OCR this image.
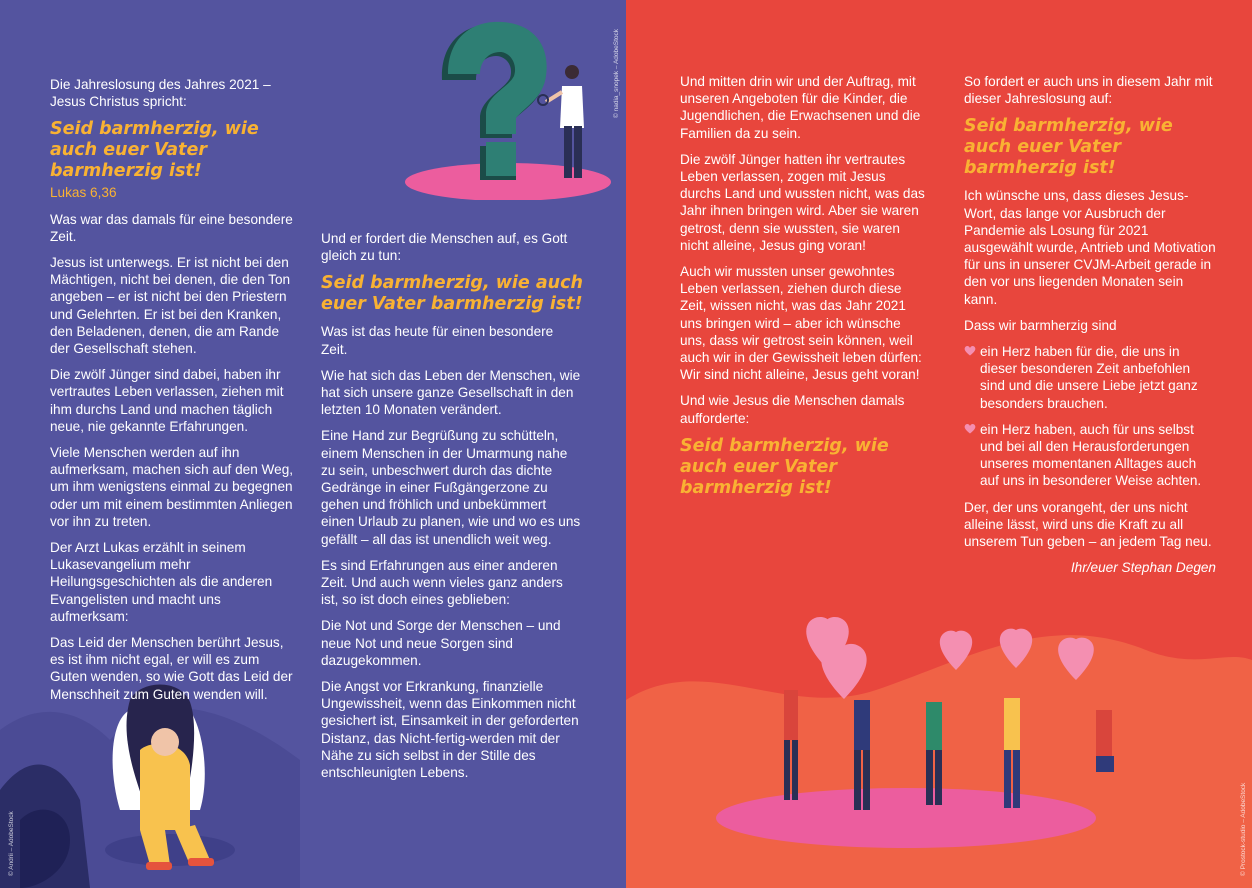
© nadia_snopek – AdobeStock
© Andrii – AdobeStock

Die Jahreslosung des Jahres 2021 – Jesus Christus spricht:

Seid barmherzig, wie auch euer Vater barmherzig ist!
Lukas 6,36

Was war das damals für eine besondere Zeit.

Jesus ist unterwegs. Er ist nicht bei den Mächtigen, nicht bei denen, die den Ton angeben – er ist nicht bei den Priestern und Gelehrten. Er ist bei den Kranken, den Beladenen, denen, die am Rande der Gesellschaft stehen.

Die zwölf Jünger sind dabei, haben ihr vertrautes Leben verlassen, ziehen mit ihm durchs Land und machen täglich neue, nie gekannte Erfahrungen.

Viele Menschen werden auf ihn aufmerksam, machen sich auf den Weg, um ihm wenigstens einmal zu begegnen oder um mit einem bestimmten Anliegen vor ihn zu treten.

Der Arzt Lukas erzählt in seinem Lukasevangelium mehr Heilungsgeschichten als die anderen Evangelisten und macht uns aufmerksam:

Das Leid der Menschen berührt Jesus, es ist ihm nicht egal, er will es zum Guten wenden, so wie Gott das Leid der Menschheit zum Guten wenden will.

Und er fordert die Menschen auf, es Gott gleich zu tun:

Seid barmherzig, wie auch euer Vater barmherzig ist!

Was ist das heute für einen besondere Zeit.

Wie hat sich das Leben der Menschen, wie hat sich unsere ganze Gesellschaft in den letzten 10 Monaten verändert.

Eine Hand zur Begrüßung zu schütteln, einem Menschen in der Umarmung nahe zu sein, unbeschwert durch das dichte Gedränge in einer Fußgängerzone zu gehen und fröhlich und unbekümmert einen Urlaub zu planen, wie und wo es uns gefällt – all das ist unendlich weit weg.

Es sind Erfahrungen aus einer anderen Zeit. Und auch wenn vieles ganz anders ist, so ist doch eines geblieben:

Die Not und Sorge der Menschen – und neue Not und neue Sorgen sind dazugekommen.

Die Angst vor Erkrankung, finanzielle Ungewissheit, wenn das Einkommen nicht gesichert ist, Einsamkeit in der geforderten Distanz, das Nicht-fertig-werden mit der Nähe zu sich selbst in der Stille des entschleunigten Lebens.

© Prostock-studio – AdobeStock

Und mitten drin wir und der Auftrag, mit unseren Angeboten für die Kinder, die Jugendlichen, die Erwachsenen und die Familien da zu sein.

Die zwölf Jünger hatten ihr vertrautes Leben verlassen, zogen mit Jesus durchs Land und wussten nicht, was das Jahr ihnen bringen wird. Aber sie waren getrost, denn sie wussten, sie waren nicht alleine, Jesus ging voran!

Auch wir mussten unser gewohntes Leben verlassen, ziehen durch diese Zeit, wissen nicht, was das Jahr 2021 uns bringen wird – aber ich wünsche uns, dass wir getrost sein können, weil auch wir in der Gewissheit leben dürfen: Wir sind nicht alleine, Jesus geht voran!

Und wie Jesus die Menschen damals aufforderte:

Seid barmherzig, wie auch euer Vater barmherzig ist!

So fordert er auch uns in diesem Jahr mit dieser Jahreslosung auf:

Seid barmherzig, wie auch euer Vater barmherzig ist!

Ich wünsche uns, dass dieses Jesus-Wort, das lange vor Ausbruch der Pandemie als Losung für 2021 ausgewählt wurde, Antrieb und Motivation für uns in unserer CVJM-Arbeit gerade in den vor uns liegenden Monaten sein kann.

Dass wir barmherzig sind

ein Herz haben für die, die uns in dieser besonderen Zeit anbefohlen sind und die unsere Liebe jetzt ganz besonders brauchen.
ein Herz haben, auch für uns selbst und bei all den Herausforderungen unseres momentanen Alltages auch auf uns in besonderer Weise achten.

Der, der uns vorangeht, der uns nicht alleine lässt, wird uns die Kraft zu all unserem Tun geben – an jedem Tag neu.

Ihr/euer Stephan Degen
